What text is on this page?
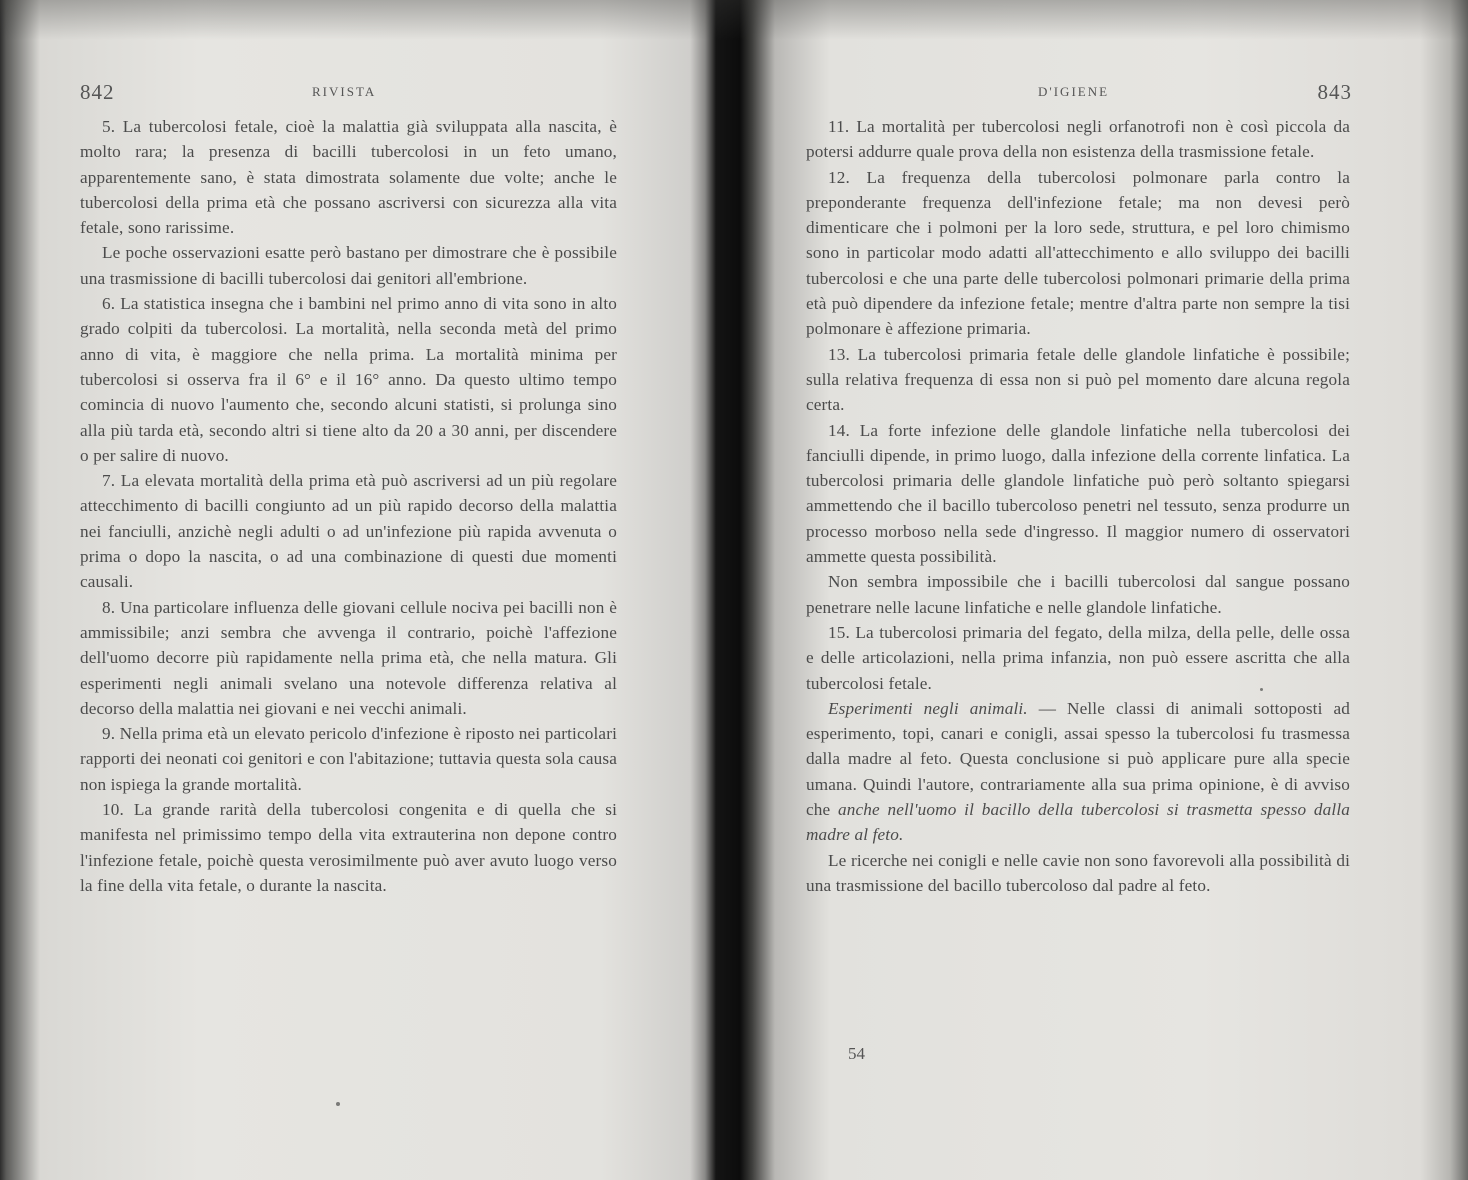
842	RIVISTA

5. La tubercolosi fetale, cioè la malattia già sviluppata alla nascita, è molto rara; la presenza di bacilli tubercolosi in un feto umano, apparentemente sano, è stata dimostrata solamente due volte; anche le tubercolosi della prima età che possano ascriversi con sicurezza alla vita fetale, sono rarissime.

Le poche osservazioni esatte però bastano per dimostrare che è possibile una trasmissione di bacilli tubercolosi dai genitori all'embrione.

6. La statistica insegna che i bambini nel primo anno di vita sono in alto grado colpiti da tubercolosi. La mortalità, nella seconda metà del primo anno di vita, è maggiore che nella prima. La mortalità minima per tubercolosi si osserva fra il 6° e il 16° anno. Da questo ultimo tempo comincia di nuovo l'aumento che, secondo alcuni statisti, si prolunga sino alla più tarda età, secondo altri si tiene alto da 20 a 30 anni, per discendere o per salire di nuovo.

7. La elevata mortalità della prima età può ascriversi ad un più regolare attecchimento di bacilli congiunto ad un più rapido decorso della malattia nei fanciulli, anzichè negli adulti o ad un'infezione più rapida avvenuta o prima o dopo la nascita, o ad una combinazione di questi due momenti causali.

8. Una particolare influenza delle giovani cellule nociva pei bacilli non è ammissibile; anzi sembra che avvenga il contrario, poichè l'affezione dell'uomo decorre più rapidamente nella prima età, che nella matura. Gli esperimenti negli animali svelano una notevole differenza relativa al decorso della malattia nei giovani e nei vecchi animali.

9. Nella prima età un elevato pericolo d'infezione è riposto nei particolari rapporti dei neonati coi genitori e con l'abitazione; tuttavia questa sola causa non ispiega la grande mortalità.

10. La grande rarità della tubercolosi congenita e di quella che si manifesta nel primissimo tempo della vita extrauterina non depone contro l'infezione fetale, poichè questa verosimilmente può aver avuto luogo verso la fine della vita fetale, o durante la nascita.

D'IGIENE	843

11. La mortalità per tubercolosi negli orfanotrofi non è così piccola da potersi addurre quale prova della non esistenza della trasmissione fetale.

12. La frequenza della tubercolosi polmonare parla contro la preponderante frequenza dell'infezione fetale; ma non devesi però dimenticare che i polmoni per la loro sede, struttura, e pel loro chimismo sono in particolar modo adatti all'attecchimento e allo sviluppo dei bacilli tubercolosi e che una parte delle tubercolosi polmonari primarie della prima età può dipendere da infezione fetale; mentre d'altra parte non sempre la tisi polmonare è affezione primaria.

13. La tubercolosi primaria fetale delle glandole linfatiche è possibile; sulla relativa frequenza di essa non si può pel momento dare alcuna regola certa.

14. La forte infezione delle glandole linfatiche nella tubercolosi dei fanciulli dipende, in primo luogo, dalla infezione della corrente linfatica. La tubercolosi primaria delle glandole linfatiche può però soltanto spiegarsi ammettendo che il bacillo tubercoloso penetri nel tessuto, senza produrre un processo morboso nella sede d'ingresso. Il maggior numero di osservatori ammette questa possibilità.

Non sembra impossibile che i bacilli tubercolosi dal sangue possano penetrare nelle lacune linfatiche e nelle glandole linfatiche.

15. La tubercolosi primaria del fegato, della milza, della pelle, delle ossa e delle articolazioni, nella prima infanzia, non può essere ascritta che alla tubercolosi fetale.

Esperimenti negli animali. — Nelle classi di animali sottoposti ad esperimento, topi, canari e conigli, assai spesso la tubercolosi fu trasmessa dalla madre al feto. Questa conclusione si può applicare pure alla specie umana. Quindi l'autore, contrariamente alla sua prima opinione, è di avviso che anche nell'uomo il bacillo della tubercolosi si trasmetta spesso dalla madre al feto.

Le ricerche nei conigli e nelle cavie non sono favorevoli alla possibilità di una trasmissione del bacillo tubercoloso dal padre al feto.

54
